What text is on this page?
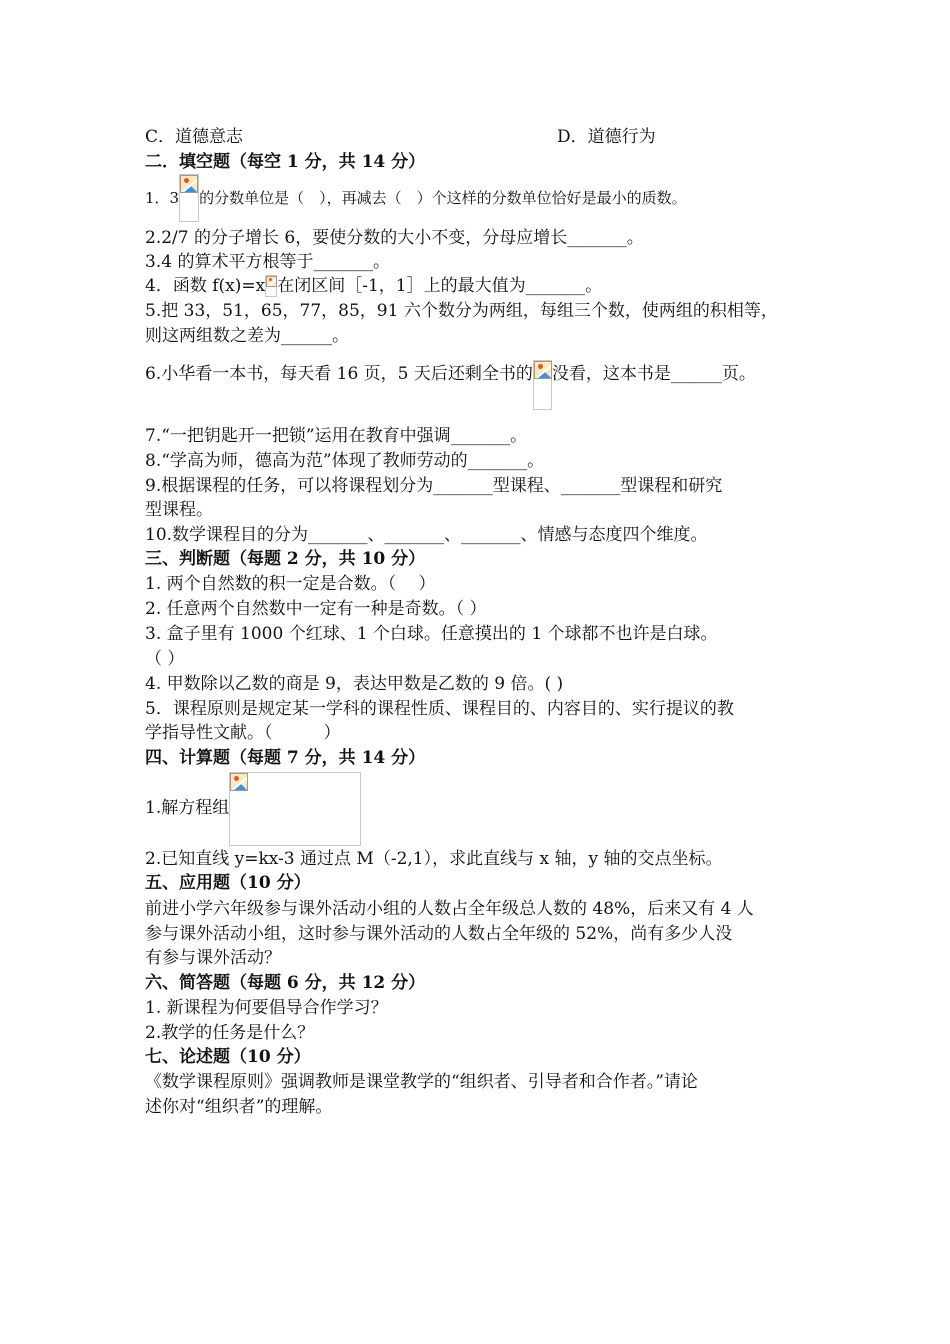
C．道德意志	D．道德行为
二．填空题（每空 1 分，共 14 分）
1．3 的分数单位是（　），再减去（　）个这样的分数单位恰好是最小的质数。
2.2/7 的分子增长 6，要使分数的大小不变，分母应增长_______。
3.4 的算术平方根等于_______。
4．函数 f(x)=x 在闭区间［-1，1］上的最大值为_______。
5.把 33，51，65，77，85，91 六个数分为两组，每组三个数，使两组的积相等，
则这两组数之差为______。
6.小华看一本书，每天看 16 页，5 天后还剩全书的 没看，这本书是______页。
7.“一把钥匙开一把锁”运用在教育中强调_______。
8.“学高为师，德高为范”体现了教师劳动的_______。
9.根据课程的任务，可以将课程划分为_______型课程、_______型课程和研究
型课程。
10.数学课程目的分为_______、_______、_______、情感与态度四个维度。
三、判断题（每题 2 分，共 10 分）
1. 两个自然数的积一定是合数。（　 ）
2. 任意两个自然数中一定有一种是奇数。（ ）
3. 盒子里有 1000 个红球、1 个白球。任意摸出的 1 个球都不也许是白球。
（ ）
4. 甲数除以乙数的商是 9，表达甲数是乙数的 9 倍。( )
5．课程原则是规定某一学科的课程性质、课程目的、内容目的、实行提议的教
学指导性文献。（　　　）
四、计算题（每题 7 分，共 14 分）
1.解方程组
2.已知直线 y=kx-3 通过点 M（-2,1），求此直线与 x 轴，y 轴的交点坐标。
五、应用题（10 分）
前进小学六年级参与课外活动小组的人数占全年级总人数的 48%，后来又有 4 人
参与课外活动小组，这时参与课外活动的人数占全年级的 52%，尚有多少人没
有参与课外活动？
六、简答题（每题 6 分，共 12 分）
1. 新课程为何要倡导合作学习？
2.教学的任务是什么？
七、论述题（10 分）
《数学课程原则》强调教师是课堂教学的“组织者、引导者和合作者。”请论
述你对“组织者”的理解。
